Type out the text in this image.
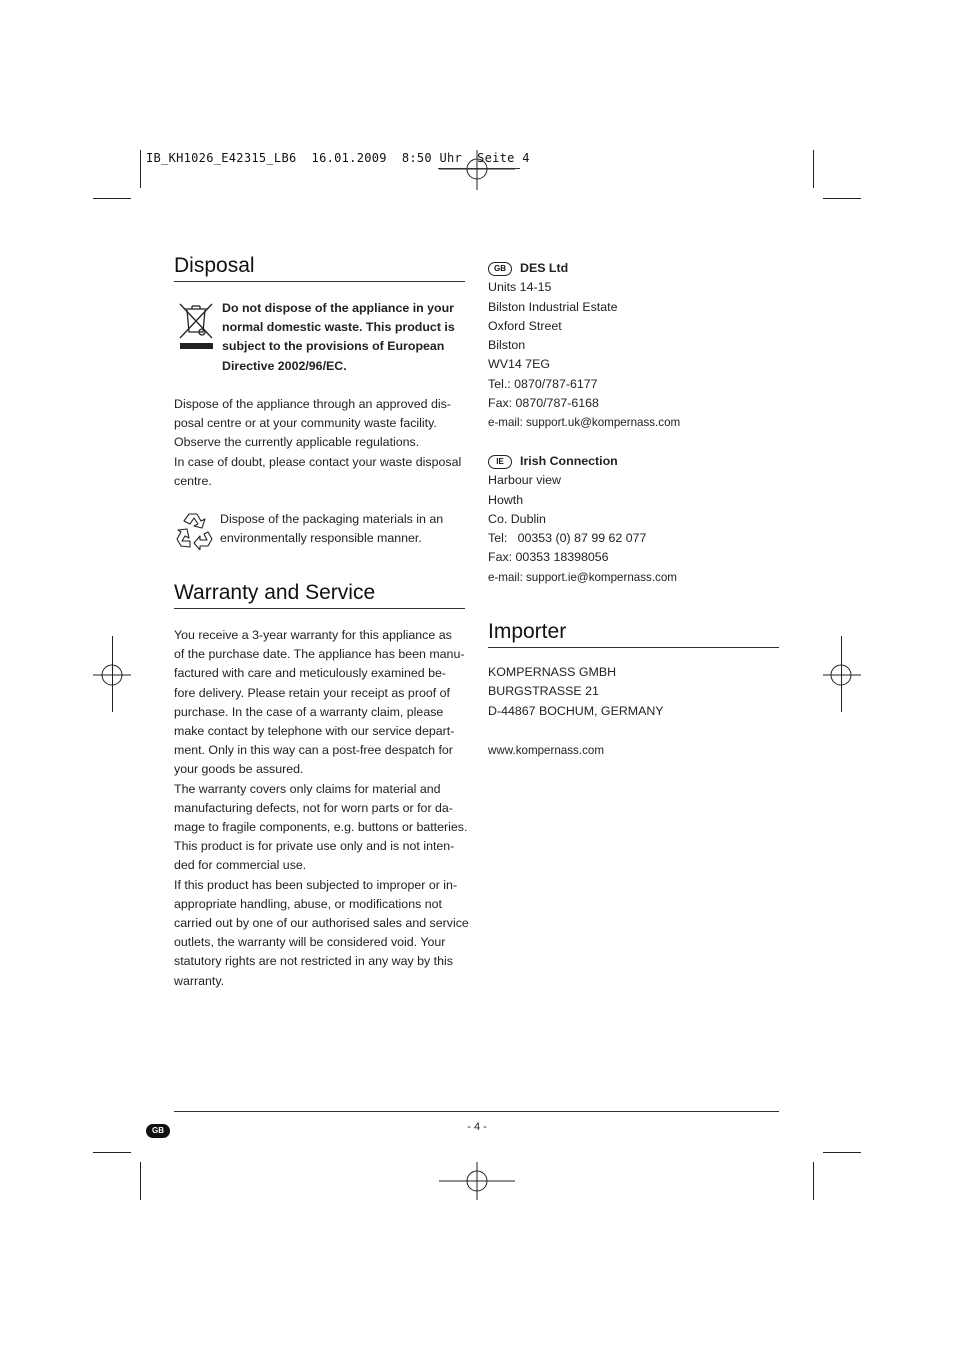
IB_KH1026_E42315_LB6  16.01.2009  8:50 Uhr  Seite 4
Disposal
Do not dispose of the appliance in your
normal domestic waste. This product is
subject to the provisions of European
Directive 2002/96/EC.
Dispose of the appliance through an approved dis-
posal centre or at your community waste facility.
Observe the currently applicable regulations.
In case of doubt, please contact your waste disposal
centre.
Dispose of the packaging materials in an
environmentally responsible manner.
Warranty and Service
You receive a 3-year warranty for this appliance as
of the purchase date. The appliance has been manu-
factured with care and meticulously examined be-
fore delivery. Please retain your receipt as proof of
purchase. In the case of a warranty claim, please
make contact by telephone with our service depart-
ment. Only in this way can a post-free despatch for
your goods be assured.
The warranty covers only claims for material and
manufacturing defects, not for worn parts or for da-
mage to fragile components, e.g. buttons or batteries.
This product is for private use only and is not inten-
ded for commercial use.
If this product has been subjected to improper or in-
appropriate handling, abuse, or modifications not
carried out by one of our authorised sales and service
outlets, the warranty will be considered void. Your
statutory rights are not restricted in any way by this
warranty.
GB DES Ltd
Units 14-15
Bilston Industrial Estate
Oxford Street
Bilston
WV14 7EG
Tel.: 0870/787-6177
Fax: 0870/787-6168
e-mail: support.uk@kompernass.com
IE Irish Connection
Harbour view
Howth
Co. Dublin
Tel:   00353 (0) 87 99 62 077
Fax: 00353 18398056
e-mail: support.ie@kompernass.com
Importer
KOMPERNASS GMBH
BURGSTRASSE 21
D-44867 BOCHUM, GERMANY
www.kompernass.com
GB	- 4 -
